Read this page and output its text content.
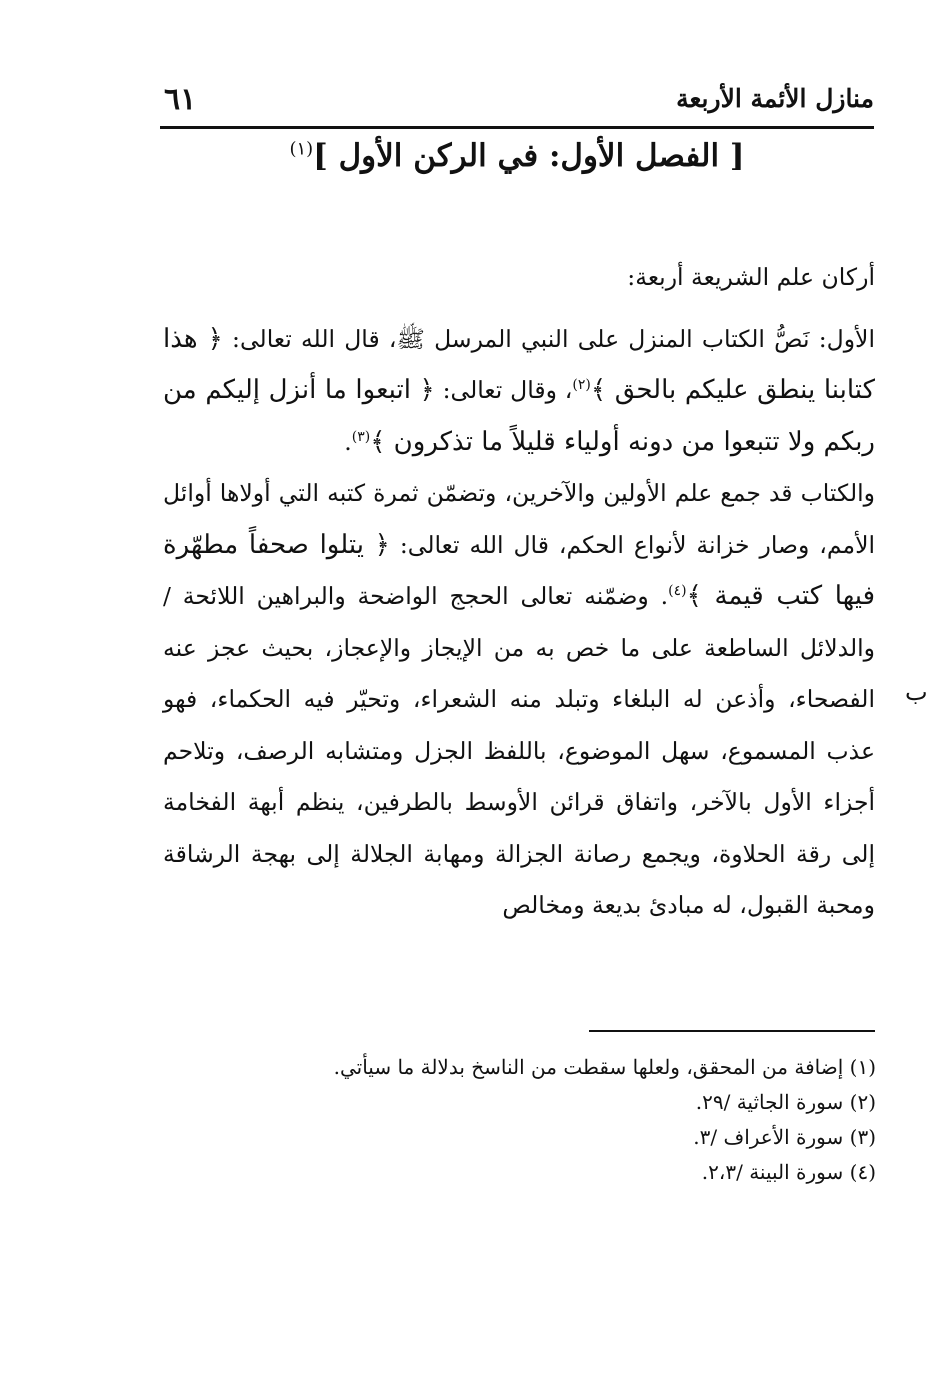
٦١	منازل الأئمة الأربعة
[ الفصل الأول: في الركن الأول ]$^{(١)}$

أركان علم الشريعة أربعة:

الأول: نَصُّ الكتاب المنزل على النبي المرسل ﷺ، قال الله تعالى: ﴿ هذا كتابنا ينطق عليكم بالحق ﴾$^{(٢)}$، وقال تعالى: ﴿ اتبعوا ما أنزل إليكم من ربكم ولا تتبعوا من دونه أولياء قليلاً ما تذكرون ﴾$^{(٣)}$.

والكتاب قد جمع علم الأولين والآخرين، وتضمّن ثمرة كتبه التي أولاها أوائل الأمم، وصار خزانة لأنواع الحكم، قال الله تعالى: ﴿ يتلوا صحفاً مطهّرة فيها كتب قيمة ﴾$^{(٤)}$. وضمّنه تعالى الحجج الواضحة والبراهين اللائحة / والدلائل الساطعة على ما خص به من الإيجاز والإعجاز، بحيث عجز عنه الفصحاء، وأذعن له البلغاء وتبلد منه الشعراء، وتحيّر فيه الحكماء، فهو عذب المسموع، سهل الموضوع، باللفظ الجزل ومتشابه الرصف، وتلاحم أجزاء الأول بالآخر، واتفاق قرائن الأوسط بالطرفين، ينظم أبهة الفخامة إلى رقة الحلاوة، ويجمع رصانة الجزالة ومهابة الجلالة إلى بهجة الرشاقة ومحبة القبول، له مبادئ بديعة ومخالص

ب
(١) إضافة من المحقق، ولعلها سقطت من الناسخ بدلالة ما سيأتي.
(٢) سورة الجاثية /٢٩.
(٣) سورة الأعراف /٣.
(٤) سورة البينة /٢،٣.
